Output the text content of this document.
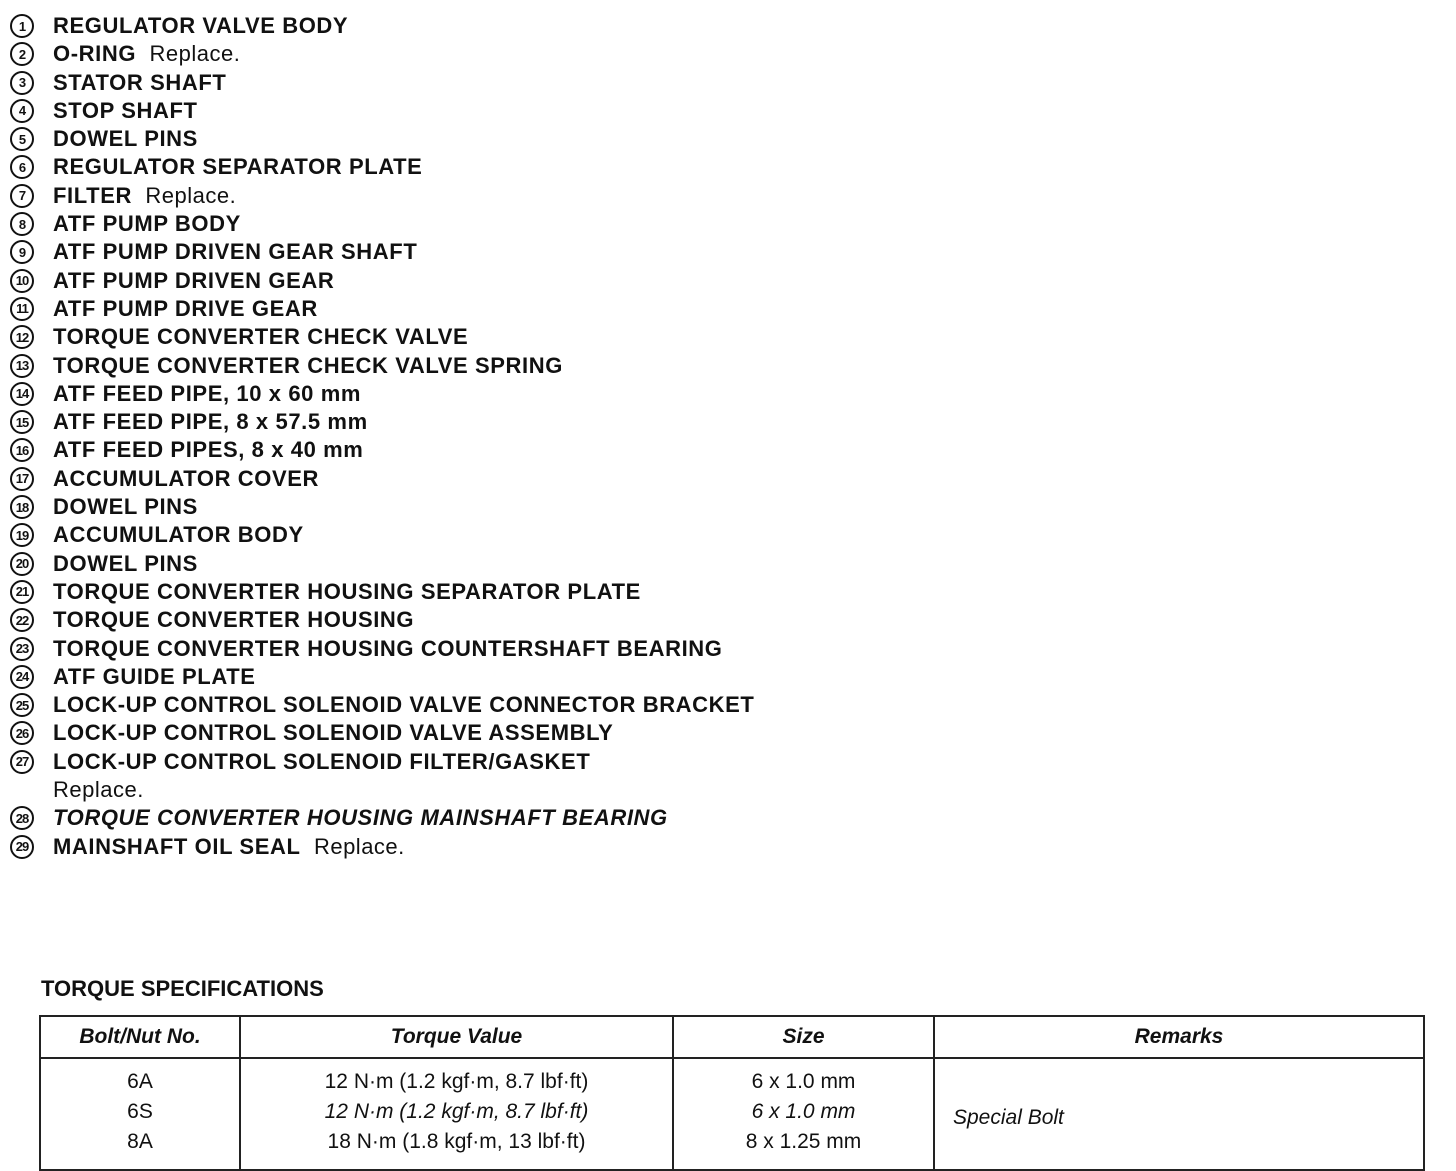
1	REGULATOR VALVE BODY
2	O-RING Replace.
3	STATOR SHAFT
4	STOP SHAFT
5	DOWEL PINS
6	REGULATOR SEPARATOR PLATE
7	FILTER Replace.
8	ATF PUMP BODY
9	ATF PUMP DRIVEN GEAR SHAFT
10 ATF PUMP DRIVEN GEAR
11 ATF PUMP DRIVE GEAR
12 TORQUE CONVERTER CHECK VALVE
13 TORQUE CONVERTER CHECK VALVE SPRING
14 ATF FEED PIPE, 10 x 60 mm
15 ATF FEED PIPE, 8 x 57.5 mm
16 ATF FEED PIPES, 8 x 40 mm
17 ACCUMULATOR COVER
18 DOWEL PINS
19 ACCUMULATOR BODY
20 DOWEL PINS
21 TORQUE CONVERTER HOUSING SEPARATOR PLATE
22 TORQUE CONVERTER HOUSING
23 TORQUE CONVERTER HOUSING COUNTERSHAFT BEARING
24 ATF GUIDE PLATE
25 LOCK-UP CONTROL SOLENOID VALVE CONNECTOR BRACKET
26 LOCK-UP CONTROL SOLENOID VALVE ASSEMBLY
27 LOCK-UP CONTROL SOLENOID FILTER/GASKET
Replace.
28 TORQUE CONVERTER HOUSING MAINSHAFT BEARING
29 MAINSHAFT OIL SEAL Replace.
TORQUE SPECIFICATIONS
Bolt/Nut No.	Torque Value	Size	Remarks
6A	12 N·m (1.2 kgf·m, 8.7 lbf·ft)	6 x 1.0 mm	Special Bolt
6S	12 N·m (1.2 kgf·m, 8.7 lbf·ft)	6 x 1.0 mm	
8A	18 N·m (1.8 kgf·m, 13 lbf·ft)	8 x 1.25 mm	
